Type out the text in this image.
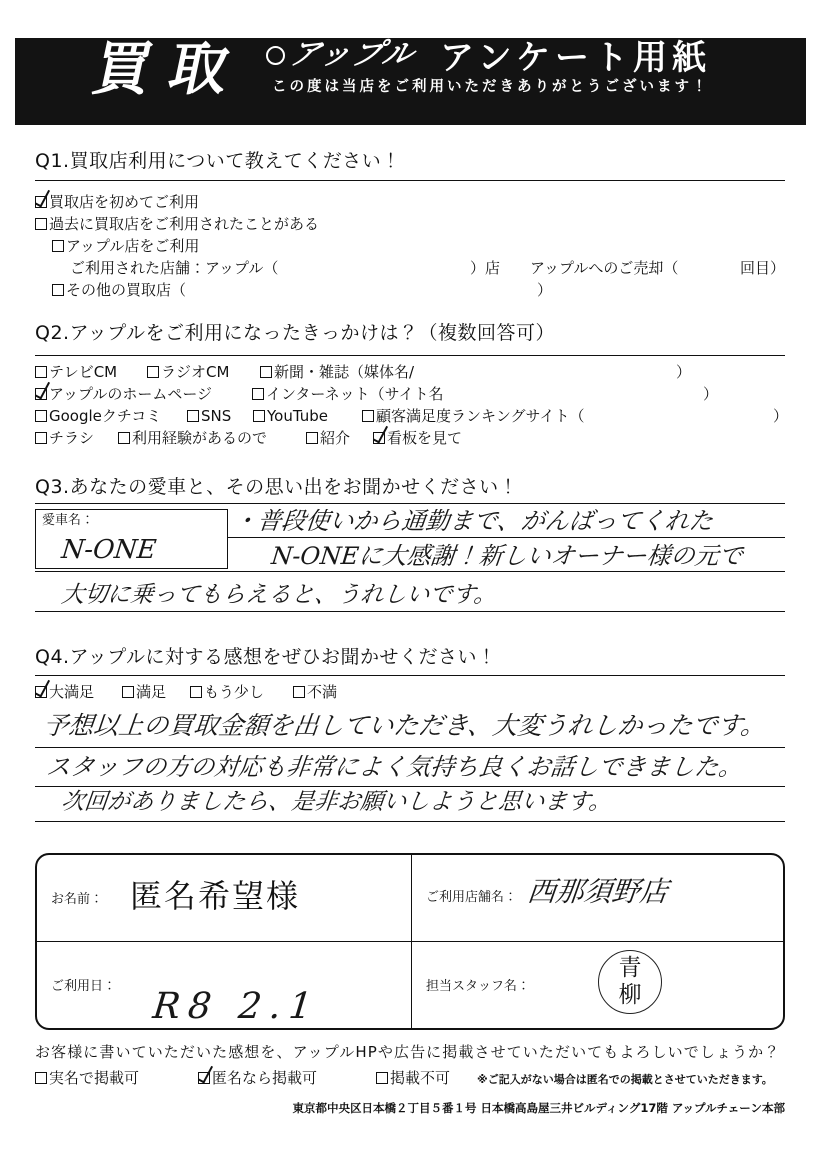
買取 アップル アンケート用紙
この度は当店をご利用いただきありがとうございます！
Q1.買取店利用について教えてください！
買取店を初めてご利用
過去に買取店をご利用されたことがある
アップル店をご利用
ご利用された店舗：アップル（	）店 アップルへのご売却（	回目）
その他の買取店（	）
Q2.アップルをご利用になったきっかけは？（複数回答可）
テレビCM	ラジオCM	新聞・雑誌（媒体名/	）
アップルのホームページ	インターネット（サイト名	）
Googleクチコミ	SNS	YouTube	顧客満足度ランキングサイト（	）
チラシ	利用経験があるので	紹介	看板を見て
Q3.あなたの愛車と、その思い出をお聞かせください！
愛車名：
N-ONE
・普段使いから通勤まで、がんばってくれた
N-ONEに大感謝！新しいオーナー様の元で
大切に乗ってもらえると、うれしいです。
Q4.アップルに対する感想をぜひお聞かせください！
大満足	満足	もう少し	不満
予想以上の買取金額を出していただき、大変うれしかったです。
スタッフの方の対応も非常によく気持ち良くお話しできました。
次回がありましたら、是非お願いしようと思います。
お名前： 匿名希望様	ご利用店舗名： 西那須野店
ご利用日： R8 2.1	担当スタッフ名：
青
柳
お客様に書いていただいた感想を、アップルHPや広告に掲載させていただいてもよろしいでしょうか？
実名で掲載可	匿名なら掲載可	掲載不可 ※ご記入がない場合は匿名での掲載とさせていただきます。
東京都中央区日本橋２丁目５番１号 日本橋高島屋三井ビルディング17階 アップルチェーン本部
